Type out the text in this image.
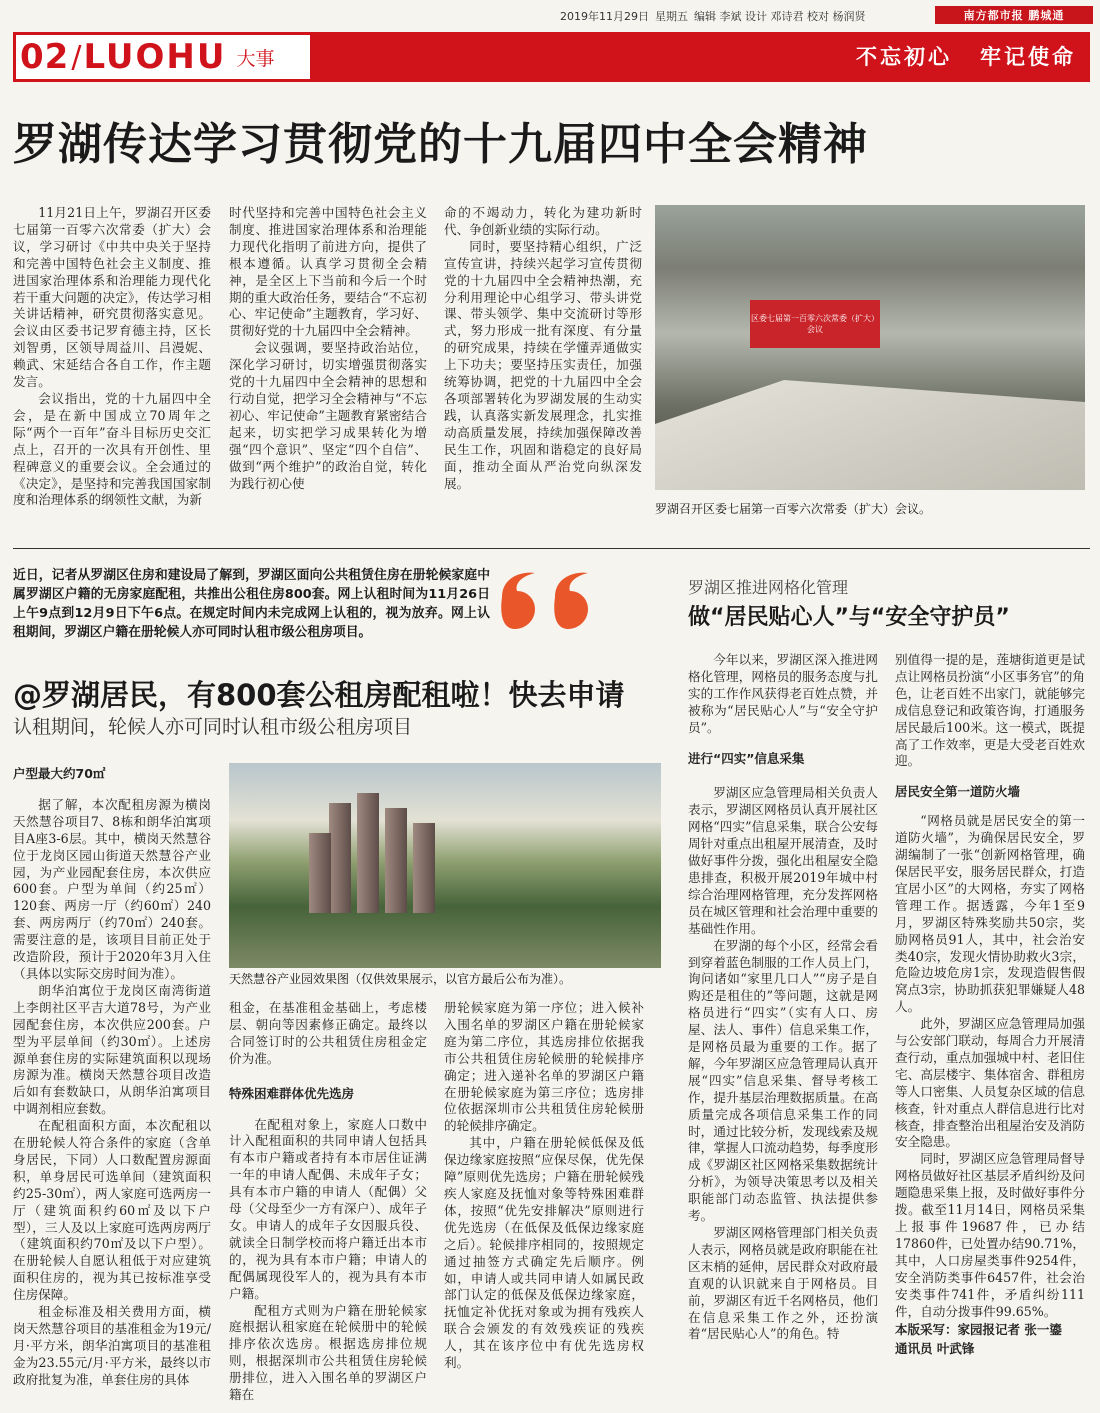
2019年11月29日 星期五 编辑 李斌 设计 邓诗君 校对 杨润贤	南方都市报 鹏城通
02 / LUOHU 大事	不忘初心 牢记使命
罗湖传达学习贯彻党的十九届四中全会精神

11月21日上午，罗湖召开区委七届第一百零六次常委（扩大）会议，学习研讨《中共中央关于坚持和完善中国特色社会主义制度、推进国家治理体系和治理能力现代化若干重大问题的决定》，传达学习相关讲话精神，研究贯彻落实意见。会议由区委书记罗育德主持，区长刘智勇，区领导周益川、吕漫妮、赖武、宋延结合各自工作，作主题发言。

会议指出，党的十九届四中全会，是在新中国成立70周年之际“两个一百年”奋斗目标历史交汇点上，召开的一次具有开创性、里程碑意义的重要会议。全会通过的《决定》，是坚持和完善我国国家制度和治理体系的纲领性文献，为新

时代坚持和完善中国特色社会主义制度、推进国家治理体系和治理能力现代化指明了前进方向，提供了根本遵循。认真学习贯彻全会精神，是全区上下当前和今后一个时期的重大政治任务，要结合“不忘初心、牢记使命”主题教育，学习好、贯彻好党的十九届四中全会精神。

会议强调，要坚持政治站位，深化学习研讨，切实增强贯彻落实党的十九届四中全会精神的思想和行动自觉，把学习全会精神与“不忘初心、牢记使命”主题教育紧密结合起来，切实把学习成果转化为增强“四个意识”、坚定“四个自信”、做到“两个维护”的政治自觉，转化为践行初心使

命的不竭动力，转化为建功新时代、争创新业绩的实际行动。

同时，要坚持精心组织，广泛宣传宣讲，持续兴起学习宣传贯彻党的十九届四中全会精神热潮，充分利用理论中心组学习、带头讲党课、带头领学、集中交流研讨等形式，努力形成一批有深度、有分量的研究成果，持续在学懂弄通做实上下功夫；要坚持压实责任，加强统筹协调，把党的十九届四中全会各项部署转化为罗湖发展的生动实践，认真落实新发展理念，扎实推动高质量发展，持续加强保障改善民生工作，巩固和谐稳定的良好局面，推动全面从严治党向纵深发展。

区委七届第一百零六次常委（扩大）会议
罗湖召开区委七届第一百零六次常委（扩大）会议。
近日，记者从罗湖区住房和建设局了解到，罗湖区面向公共租赁住房在册轮候家庭中属罗湖区户籍的无房家庭配租，共推出公租住房800套。网上认租时间为11月26日上午9点到12月9日下午6点。在规定时间内未完成网上认租的，视为放弃。网上认租期间，罗湖区户籍在册轮候人亦可同时认租市级公租房项目。
@罗湖居民，有800套公租房配租啦！快去申请
认租期间，轮候人亦可同时认租市级公租房项目
户型最大约70㎡

据了解，本次配租房源为横岗天然慧谷项目7、8栋和朗华泊寓项目A座3-6层。其中，横岗天然慧谷位于龙岗区园山街道天然慧谷产业园，为产业园配套住房，本次供应600套。户型为单间（约25㎡）120套、两房一厅（约60㎡）240套、两房两厅（约70㎡）240套。需要注意的是，该项目目前正处于改造阶段，预计于2020年3月入住（具体以实际交房时间为准）。

朗华泊寓位于龙岗区南湾街道上李朗社区平吉大道78号，为产业园配套住房，本次供应200套。户型为平层单间（约30㎡）。上述房源单套住房的实际建筑面积以现场房源为准。横岗天然慧谷项目改造后如有套数缺口，从朗华泊寓项目中调剂相应套数。

在配租面积方面，本次配租以在册轮候人符合条件的家庭（含单身居民，下同）人口数配置房源面积，单身居民可选单间（建筑面积约25-30㎡），两人家庭可选两房一厅（建筑面积约60㎡及以下户型），三人及以上家庭可选两房两厅（建筑面积约70㎡及以下户型）。在册轮候人自愿认租低于对应建筑面积住房的，视为其已按标准享受住房保障。

租金标准及相关费用方面，横岗天然慧谷项目的基准租金为19元/月·平方米，朗华泊寓项目的基准租金为23.55元/月·平方米，最终以市政府批复为准，单套住房的具体

天然慧谷产业园效果图（仅供效果展示，以官方最后公布为准）。

租金，在基准租金基础上，考虑楼层、朝向等因素修正确定。最终以合同签订时的公共租赁住房租金定价为准。

特殊困难群体优先选房

在配租对象上，家庭人口数中计入配租面积的共同申请人包括具有本市户籍或者持有本市居住证满一年的申请人配偶、未成年子女；具有本市户籍的申请人（配偶）父母（父母至少一方有深户）、成年子女。申请人的成年子女因服兵役、就读全日制学校而将户籍迁出本市的，视为具有本市户籍；申请人的配偶属现役军人的，视为具有本市户籍。

配租方式则为户籍在册轮候家庭根据认租家庭在轮候册中的轮候排序依次选房。根据选房排位规则，根据深圳市公共租赁住房轮候册排位，进入入围名单的罗湖区户籍在

册轮候家庭为第一序位；进入候补入围名单的罗湖区户籍在册轮候家庭为第二序位，其选房排位依据我市公共租赁住房轮候册的轮候排序确定；进入递补名单的罗湖区户籍在册轮候家庭为第三序位；选房排位依据深圳市公共租赁住房轮候册的轮候排序确定。

其中，户籍在册轮候低保及低保边缘家庭按照“应保尽保，优先保障”原则优先选房；户籍在册轮候残疾人家庭及抚恤对象等特殊困难群体，按照“优先安排解决”原则进行优先选房（在低保及低保边缘家庭之后）。轮候排序相同的，按照规定通过抽签方式确定先后顺序。例如，申请人或共同申请人如属民政部门认定的低保及低保边缘家庭，抚恤定补优抚对象或为拥有残疾人联合会颁发的有效残疾证的残疾人，其在该序位中有优先选房权利。

罗湖区推进网格化管理
做“居民贴心人”与“安全守护员”

今年以来，罗湖区深入推进网格化管理，网格员的服务态度与扎实的工作作风获得老百姓点赞，并被称为“居民贴心人”与“安全守护员”。

进行“四实”信息采集

罗湖区应急管理局相关负责人表示，罗湖区网格员认真开展社区网格“四实”信息采集，联合公安每周针对重点出租屋开展清查，及时做好事件分拨，强化出租屋安全隐患排查，积极开展2019年城中村综合治理网格管理，充分发挥网格员在城区管理和社会治理中重要的基础性作用。

在罗湖的每个小区，经常会看到穿着蓝色制服的工作人员上门，询问诸如“家里几口人”“房子是自购还是租住的”等问题，这就是网格员进行“四实”（实有人口、房屋、法人、事件）信息采集工作，是网格员最为重要的工作。据了解，今年罗湖区应急管理局认真开展“四实”信息采集、督导考核工作，提升基层治理数据质量。在高质量完成各项信息采集工作的同时，通过比较分析，发现线索及规律，掌握人口流动趋势，每季度形成《罗湖区社区网格采集数据统计分析》，为领导决策思考以及相关职能部门动态监管、执法提供参考。

罗湖区网格管理部门相关负责人表示，网格员就是政府职能在社区末梢的延伸，居民群众对政府最直观的认识就来自于网格员。目前，罗湖区有近千名网格员，他们在信息采集工作之外，还扮演着“居民贴心人”的角色。特

别值得一提的是，莲塘街道更是试点让网格员扮演“小区事务官”的角色，让老百姓不出家门，就能够完成信息登记和政策咨询，打通服务居民最后100米。这一模式，既提高了工作效率，更是大受老百姓欢迎。

居民安全第一道防火墙

“网格员就是居民安全的第一道防火墙”，为确保居民安全，罗湖编制了一张“创新网格管理，确保居民平安，服务居民群众，打造宜居小区”的大网格，夯实了网格管理工作。据透露，今年1至9月，罗湖区特殊奖励共50宗，奖励网格员91人，其中，社会治安类40宗，发现火情协助救火3宗，危险边坡危房1宗，发现造假售假窝点3宗，协助抓获犯罪嫌疑人48人。

此外，罗湖区应急管理局加强与公安部门联动，每周合力开展清查行动，重点加强城中村、老旧住宅、高层楼宇、集体宿舍、群租房等人口密集、人员复杂区域的信息核查，针对重点人群信息进行比对核查，排查整治出租屋治安及消防安全隐患。

同时，罗湖区应急管理局督导网格员做好社区基层矛盾纠纷及问题隐患采集上报，及时做好事件分拨。截至11月14日，网格员采集上报事件19687件，已办结17860件，已处置办结90.71%，其中，人口房屋类事件9254件，安全消防类事件6457件，社会治安类事件741件，矛盾纠纷111件，自动分拨事件99.65%。

本版采写：家园报记者 张一鎏

通讯员 叶武锋
